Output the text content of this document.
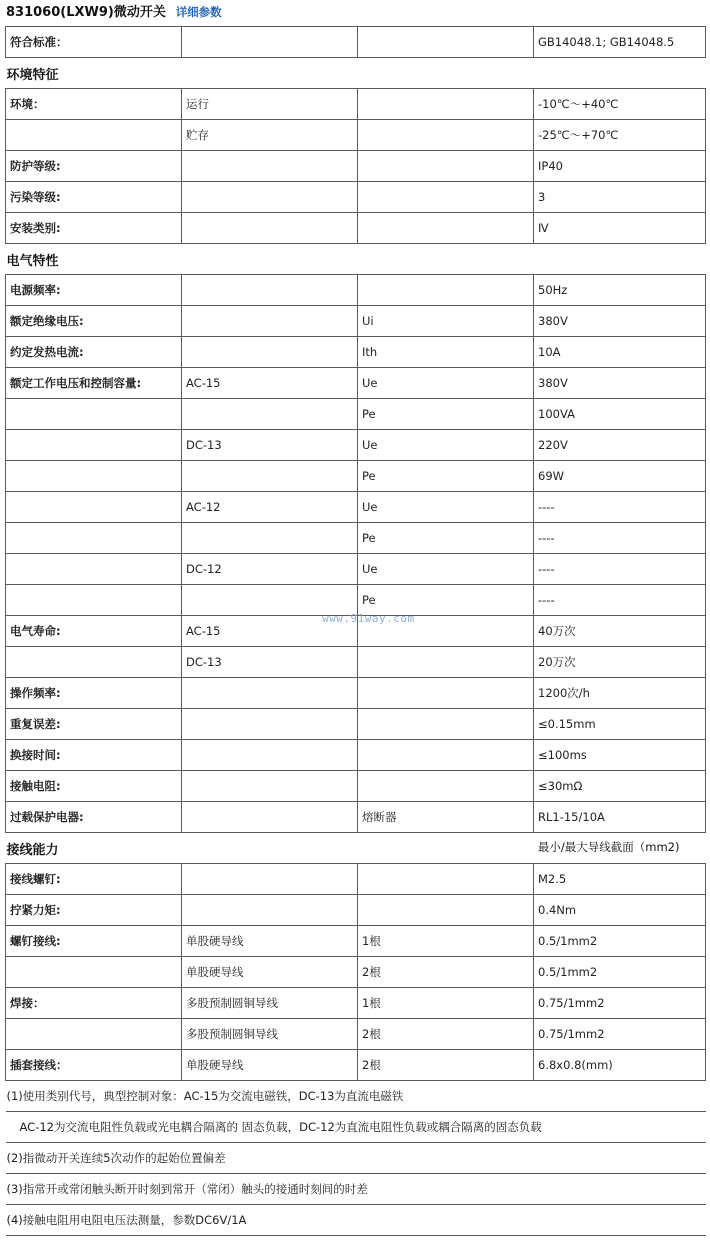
831060(LXW9)微动开关 详细参数
符合标准：			GB14048.1; GB14048.5
环境特征			
环境：	运行		-10℃～+40℃
	贮存		-25℃～+70℃
防护等级:			IP40
污染等级:			3
安装类别:			Ⅳ
电气特性			
电源频率:			50Hz
额定绝缘电压:		Ui	380V
约定发热电流:		Ith	10A
额定工作电压和控制容量:	AC-15	Ue	380V
		Pe	100VA
	DC-13	Ue	220V
		Pe	69W
	AC-12	Ue	----
		Pe	----
	DC-12	Ue	----
		Pe	----
电气寿命:	AC-15		40万次
	DC-13		20万次
操作频率:			1200次/h
重复误差:			≤0.15mm
换接时间:			≤100ms
接触电阻:			≤30mΩ
过载保护电器:		熔断器	RL1-15/10A
接线能力 最小/最大导线截面（mm2)			

接线螺钉:			M2.5
拧紧力矩:			0.4Nm
螺钉接线:	单股硬导线	1根	0.5/1mm2
	单股硬导线	2根	0.5/1mm2
焊接：	多股预制圆铜导线	1根	0.75/1mm2
	多股预制圆铜导线	2根	0.75/1mm2
插套接线：	单股硬导线	2根	6.8x0.8(mm)
(1)使用类别代号，典型控制对象：AC-15为交流电磁铁，DC-13为直流电磁铁			
AC-12为交流电阻性负载或光电耦合隔离的 固态负载，DC-12为直流电阻性负载或耦合隔离的固态负载			
(2)指微动开关连续5次动作的起始位置偏差			
(3)指常开或常闭触头断开时刻到常开（常闭）触头的接通时刻间的时差			
(4)接触电阻用电阻电压法测量，参数DC6V/1A			
www.91way.com
